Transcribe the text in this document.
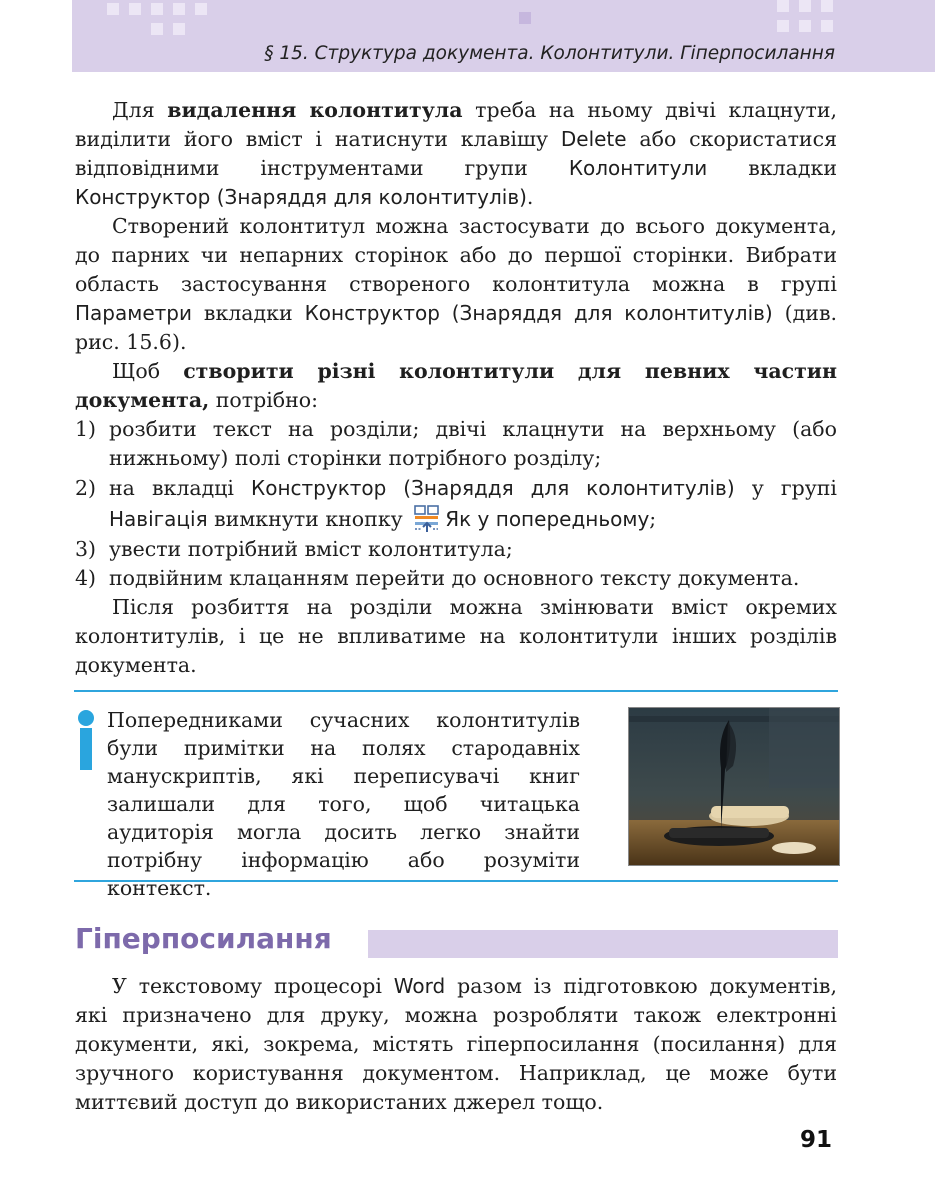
§ 15. Структура документа. Колонтитули. Гіперпосилання

Для видалення колонтитула треба на ньому двічі клацнути, виділити його вміст і натиснути клавішу Delete або скористатися відповідними інструментами групи Колонтитули вкладки Конструктор (Знаряддя для колонтитулів).

Створений колонтитул можна застосувати до всього документа, до парних чи непарних сторінок або до першої сторінки. Вибрати область застосування створеного колонтитула можна в групі Параметри вкладки Конструктор (Знаряддя для колонтитулів) (див. рис. 15.6).

Щоб створити різні колонтитули для певних частин документа, потрібно:

1) розбити текст на розділи; двічі клацнути на верхньому (або нижньому) полі сторінки потрібного розділу;
2) на вкладці Конструктор (Знаряддя для колонтитулів) у групі Навігація вимкнути кнопку Як у попередньому;
3) увести потрібний вміст колонтитула;
4) подвійним клацанням перейти до основного тексту документа.

Після розбиття на розділи можна змінювати вміст окремих колонтитулів, і це не впливатиме на колонтитули інших розділів документа.

Попередниками сучасних колонтитулів були примітки на полях стародавніх манускриптів, які переписувачі книг залишали для того, щоб читацька аудиторія могла досить легко знайти потрібну інформацію або розуміти контекст.
Гіперпосилання

У текстовому процесорі Word разом із підготовкою документів, які призначено для друку, можна розробляти також електронні документи, які, зокрема, містять гіперпосилання (посилання) для зручного користування документом. Наприклад, це може бути миттєвий доступ до використаних джерел тощо.

91
